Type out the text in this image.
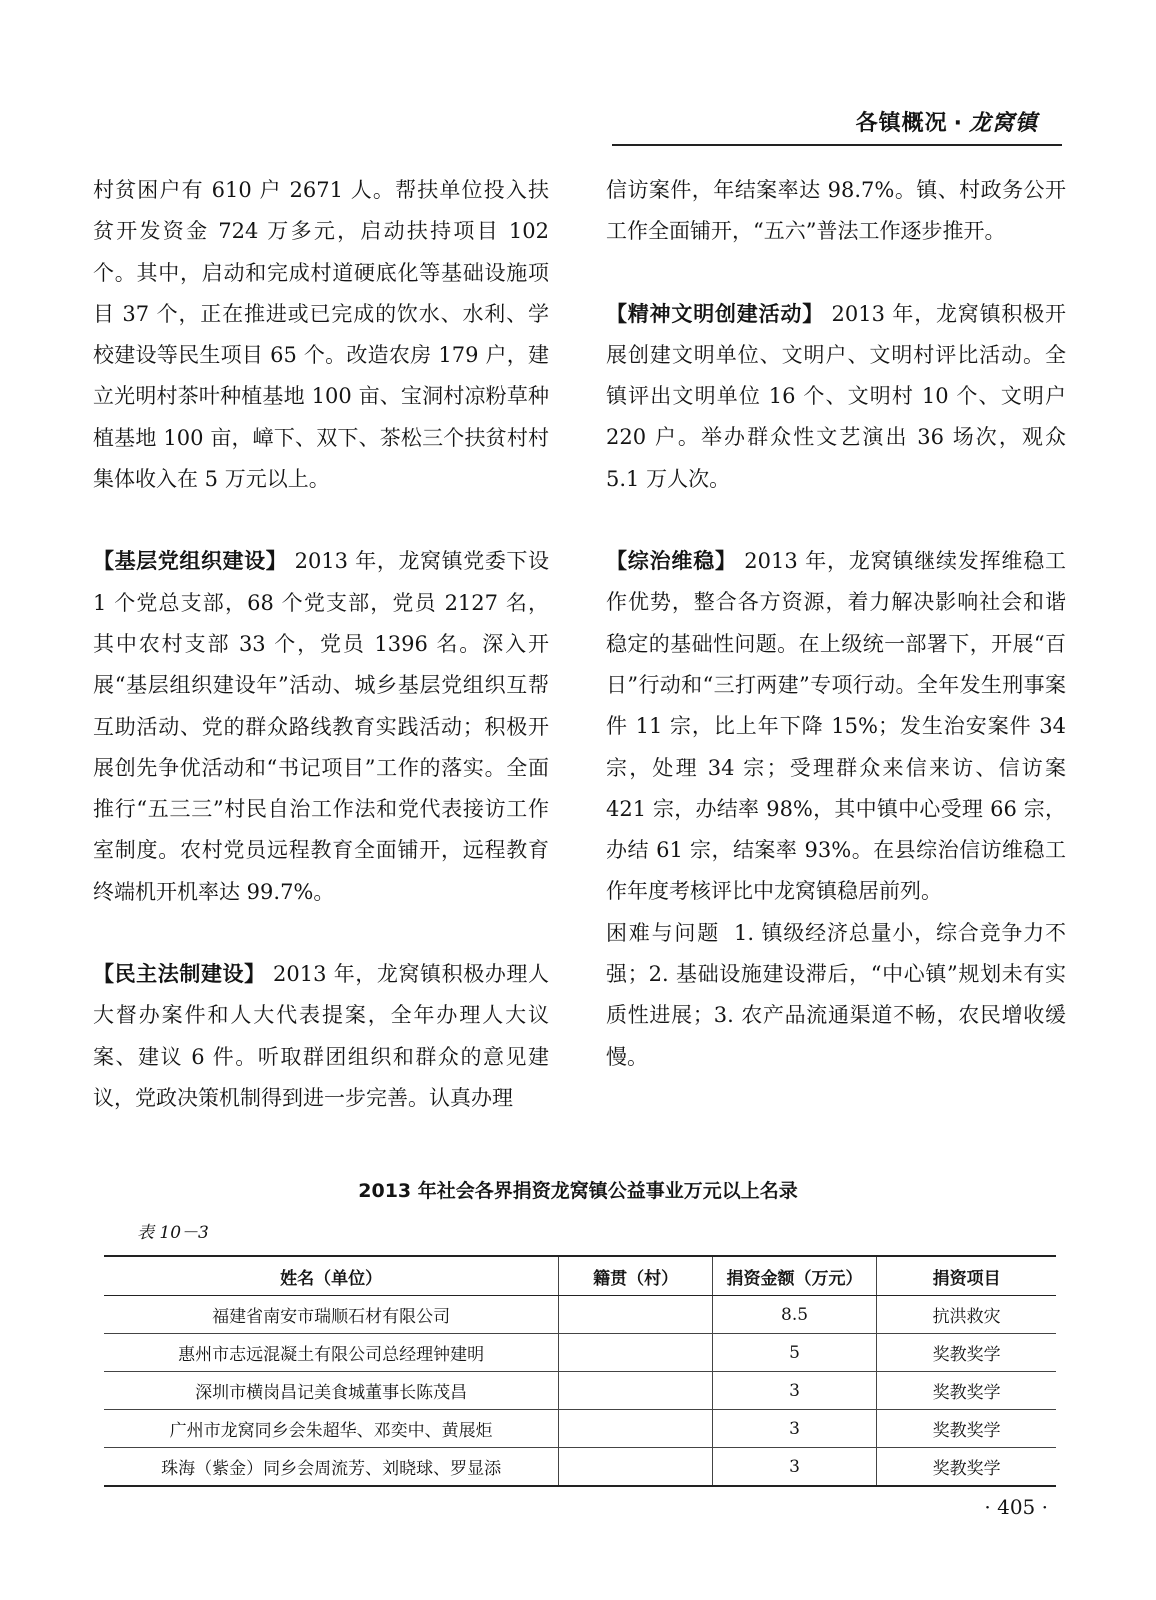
各镇概况 · 龙窝镇

村贫困户有 610 户 2671 人。帮扶单位投入扶贫开发资金 724 万多元，启动扶持项目 102 个。其中，启动和完成村道硬底化等基础设施项目 37 个，正在推进或已完成的饮水、水利、学校建设等民生项目 65 个。改造农房 179 户，建立光明村茶叶种植基地 100 亩、宝洞村凉粉草种植基地 100 亩，嶂下、双下、茶松三个扶贫村村集体收入在 5 万元以上。

【基层党组织建设】 2013 年，龙窝镇党委下设 1 个党总支部，68 个党支部，党员 2127 名，其中农村支部 33 个，党员 1396 名。深入开展“基层组织建设年”活动、城乡基层党组织互帮互助活动、党的群众路线教育实践活动；积极开展创先争优活动和“书记项目”工作的落实。全面推行“五三三”村民自治工作法和党代表接访工作室制度。农村党员远程教育全面铺开，远程教育终端机开机率达 99.7%。

【民主法制建设】 2013 年，龙窝镇积极办理人大督办案件和人大代表提案，全年办理人大议案、建议 6 件。听取群团组织和群众的意见建议，党政决策机制得到进一步完善。认真办理

信访案件，年结案率达 98.7%。镇、村政务公开工作全面铺开，“五六”普法工作逐步推开。

【精神文明创建活动】 2013 年，龙窝镇积极开展创建文明单位、文明户、文明村评比活动。全镇评出文明单位 16 个、文明村 10 个、文明户 220 户。举办群众性文艺演出 36 场次，观众 5.1 万人次。

【综治维稳】 2013 年，龙窝镇继续发挥维稳工作优势，整合各方资源，着力解决影响社会和谐稳定的基础性问题。在上级统一部署下，开展“百日”行动和“三打两建”专项行动。全年发生刑事案件 11 宗，比上年下降 15%；发生治安案件 34 宗，处理 34 宗；受理群众来信来访、信访案 421 宗，办结率 98%，其中镇中心受理 66 宗，办结 61 宗，结案率 93%。在县综治信访维稳工作年度考核评比中龙窝镇稳居前列。

困难与问题 1. 镇级经济总量小，综合竞争力不强；2. 基础设施建设滞后，“中心镇”规划未有实质性进展；3. 农产品流通渠道不畅，农民增收缓慢。

2013 年社会各界捐资龙窝镇公益事业万元以上名录
表 10－3
姓名（单位）	籍贯（村）	捐资金额（万元）	捐资项目
福建省南安市瑞顺石材有限公司		8.5	抗洪救灾
惠州市志远混凝土有限公司总经理钟建明		5	奖教奖学
深圳市横岗昌记美食城董事长陈茂昌		3	奖教奖学
广州市龙窝同乡会朱超华、邓奕中、黄展炬		3	奖教奖学
珠海（紫金）同乡会周流芳、刘晓球、罗显添		3	奖教奖学
· 405 ·
